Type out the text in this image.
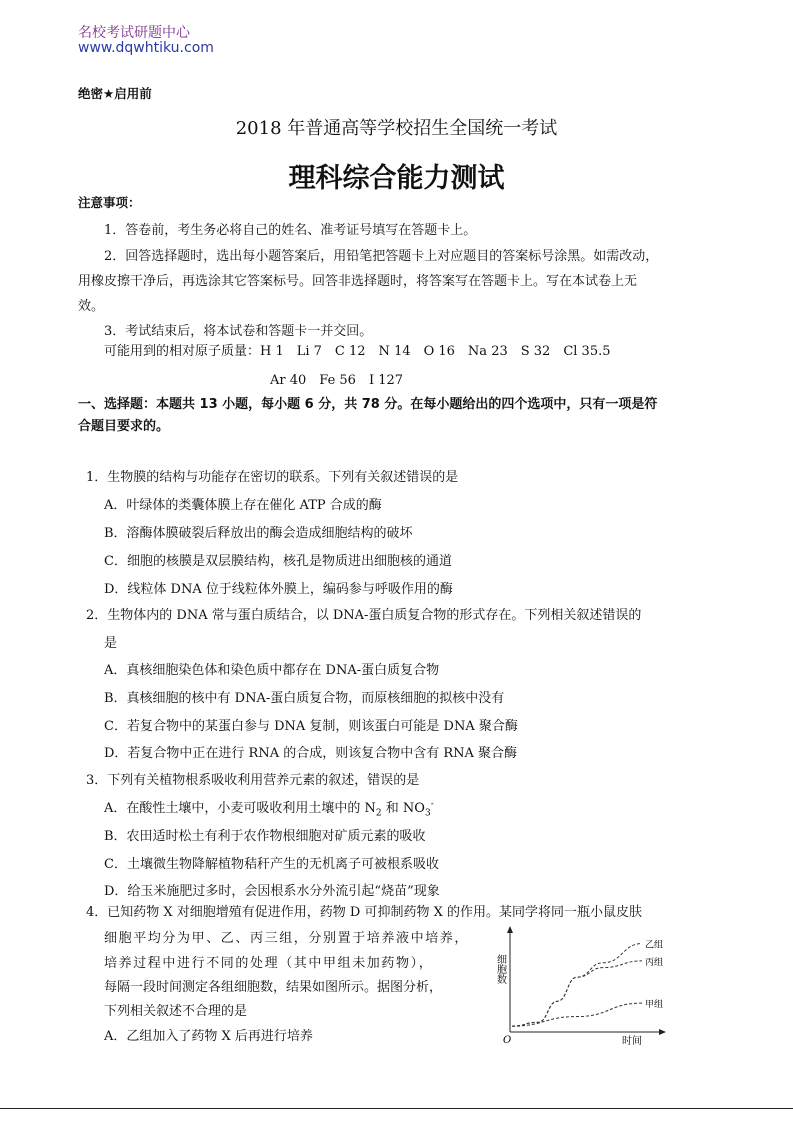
名校考试研题中心
www.dqwhtiku.com
绝密★启用前
2018 年普通高等学校招生全国统一考试
理科综合能力测试
注意事项：
1．答卷前，考生务必将自己的姓名、准考证号填写在答题卡上。
2．回答选择题时，选出每小题答案后，用铅笔把答题卡上对应题目的答案标号涂黑。如需改动，
用橡皮擦干净后，再选涂其它答案标号。回答非选择题时，将答案写在答题卡上。写在本试卷上无
效。
3．考试结束后，将本试卷和答题卡一并交回。
可能用到的相对原子质量：H 1　Li 7　C 12　N 14　O 16　Na 23　S 32　Cl 35.5
Ar 40　Fe 56　I 127
一、选择题：本题共 13 小题，每小题 6 分，共 78 分。在每小题给出的四个选项中，只有一项是符
合题目要求的。
1．生物膜的结构与功能存在密切的联系。下列有关叙述错误的是
A．叶绿体的类囊体膜上存在催化 ATP 合成的酶
B．溶酶体膜破裂后释放出的酶会造成细胞结构的破坏
C．细胞的核膜是双层膜结构，核孔是物质进出细胞核的通道
D．线粒体 DNA 位于线粒体外膜上，编码参与呼吸作用的酶
2．生物体内的 DNA 常与蛋白质结合，以 DNA-蛋白质复合物的形式存在。下列相关叙述错误的
是
A．真核细胞染色体和染色质中都存在 DNA-蛋白质复合物
B．真核细胞的核中有 DNA-蛋白质复合物，而原核细胞的拟核中没有
C．若复合物中的某蛋白参与 DNA 复制，则该蛋白可能是 DNA 聚合酶
D．若复合物中正在进行 RNA 的合成，则该复合物中含有 RNA 聚合酶
3．下列有关植物根系吸收利用营养元素的叙述，错误的是
A．在酸性土壤中，小麦可吸收利用土壤中的 $N_2$ 和 $NO_3^-$
B．农田适时松土有利于农作物根细胞对矿质元素的吸收
C．土壤微生物降解植物秸秆产生的无机离子可被根系吸收
D．给玉米施肥过多时，会因根系水分外流引起“烧苗”现象
4．已知药物 X 对细胞增殖有促进作用，药物 D 可抑制药物 X 的作用。某同学将同一瓶小鼠皮肤
细胞平均分为甲、乙、丙三组，分别置于培养液中培养，
培养过程中进行不同的处理（其中甲组未加药物），
每隔一段时间测定各组细胞数，结果如图所示。据图分析，
下列相关叙述不合理的是
A．乙组加入了药物 X 后再进行培养
细胞数
时间
O
乙组
丙组
甲组
